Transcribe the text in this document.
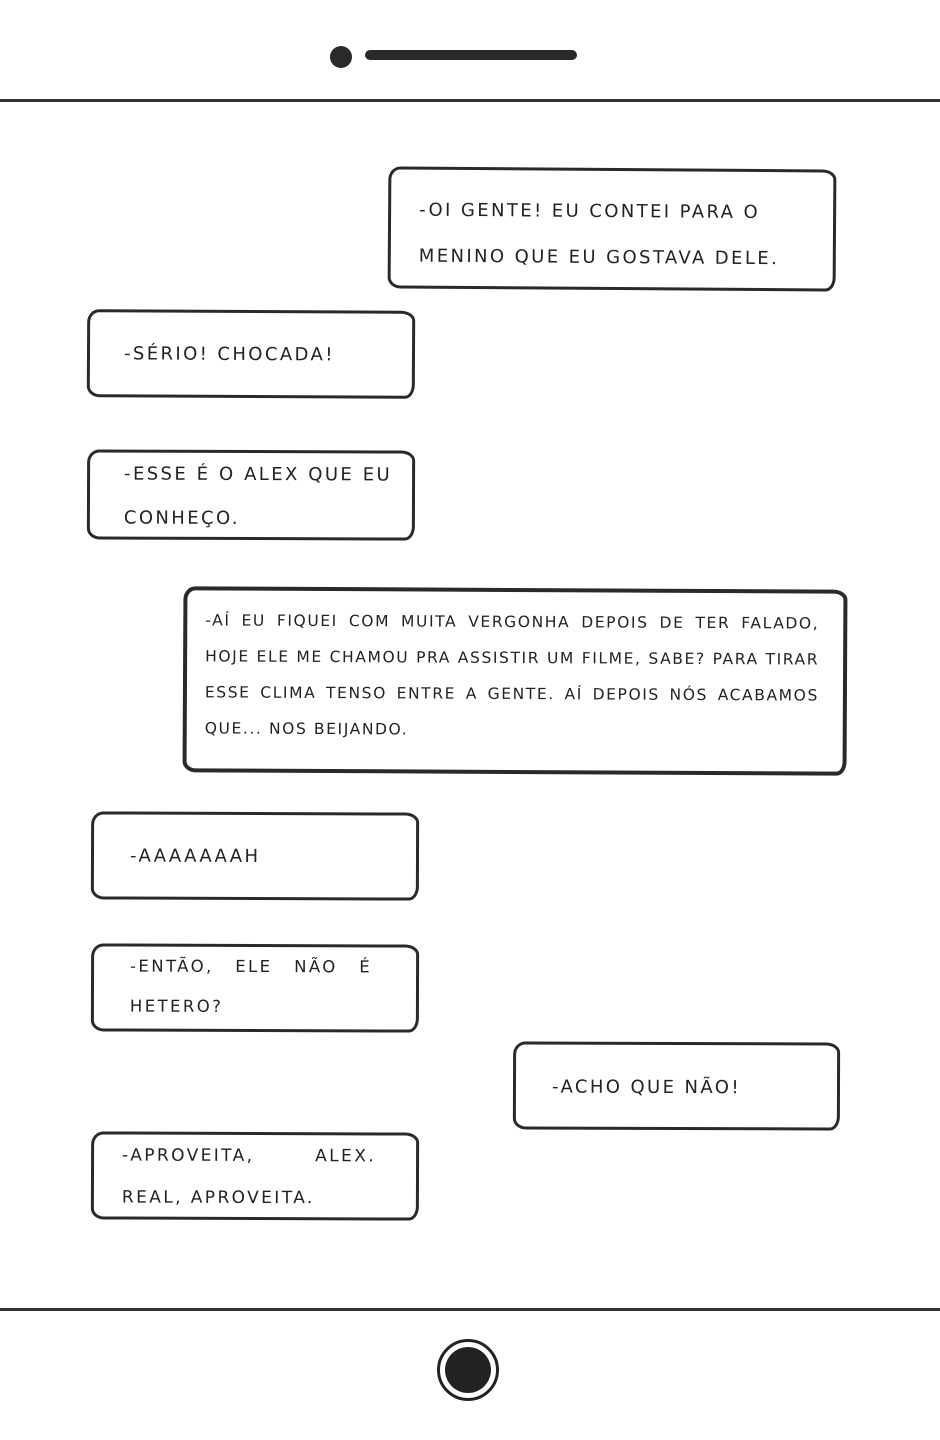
-OI GENTE! EU CONTEI PARA O MENINO QUE EU GOSTAVA DELE.
-SÉRIO! CHOCADA!
-ESSE É O ALEX QUE EU CONHEÇO.
-AÍ EU FIQUEI COM MUITA VERGONHA DEPOIS DE TER FALADO, HOJE ELE ME CHAMOU PRA ASSISTIR UM FILME, SABE? PARA TIRAR ESSE CLIMA TENSO ENTRE A GENTE. AÍ DEPOIS NÓS ACABAMOS QUE... NOS BEIJANDO.
-AAAAAAAH
-ENTÃO, ELE NÃO É HETERO?
-ACHO QUE NÃO!
-APROVEITA, ALEX. REAL, APROVEITA.
